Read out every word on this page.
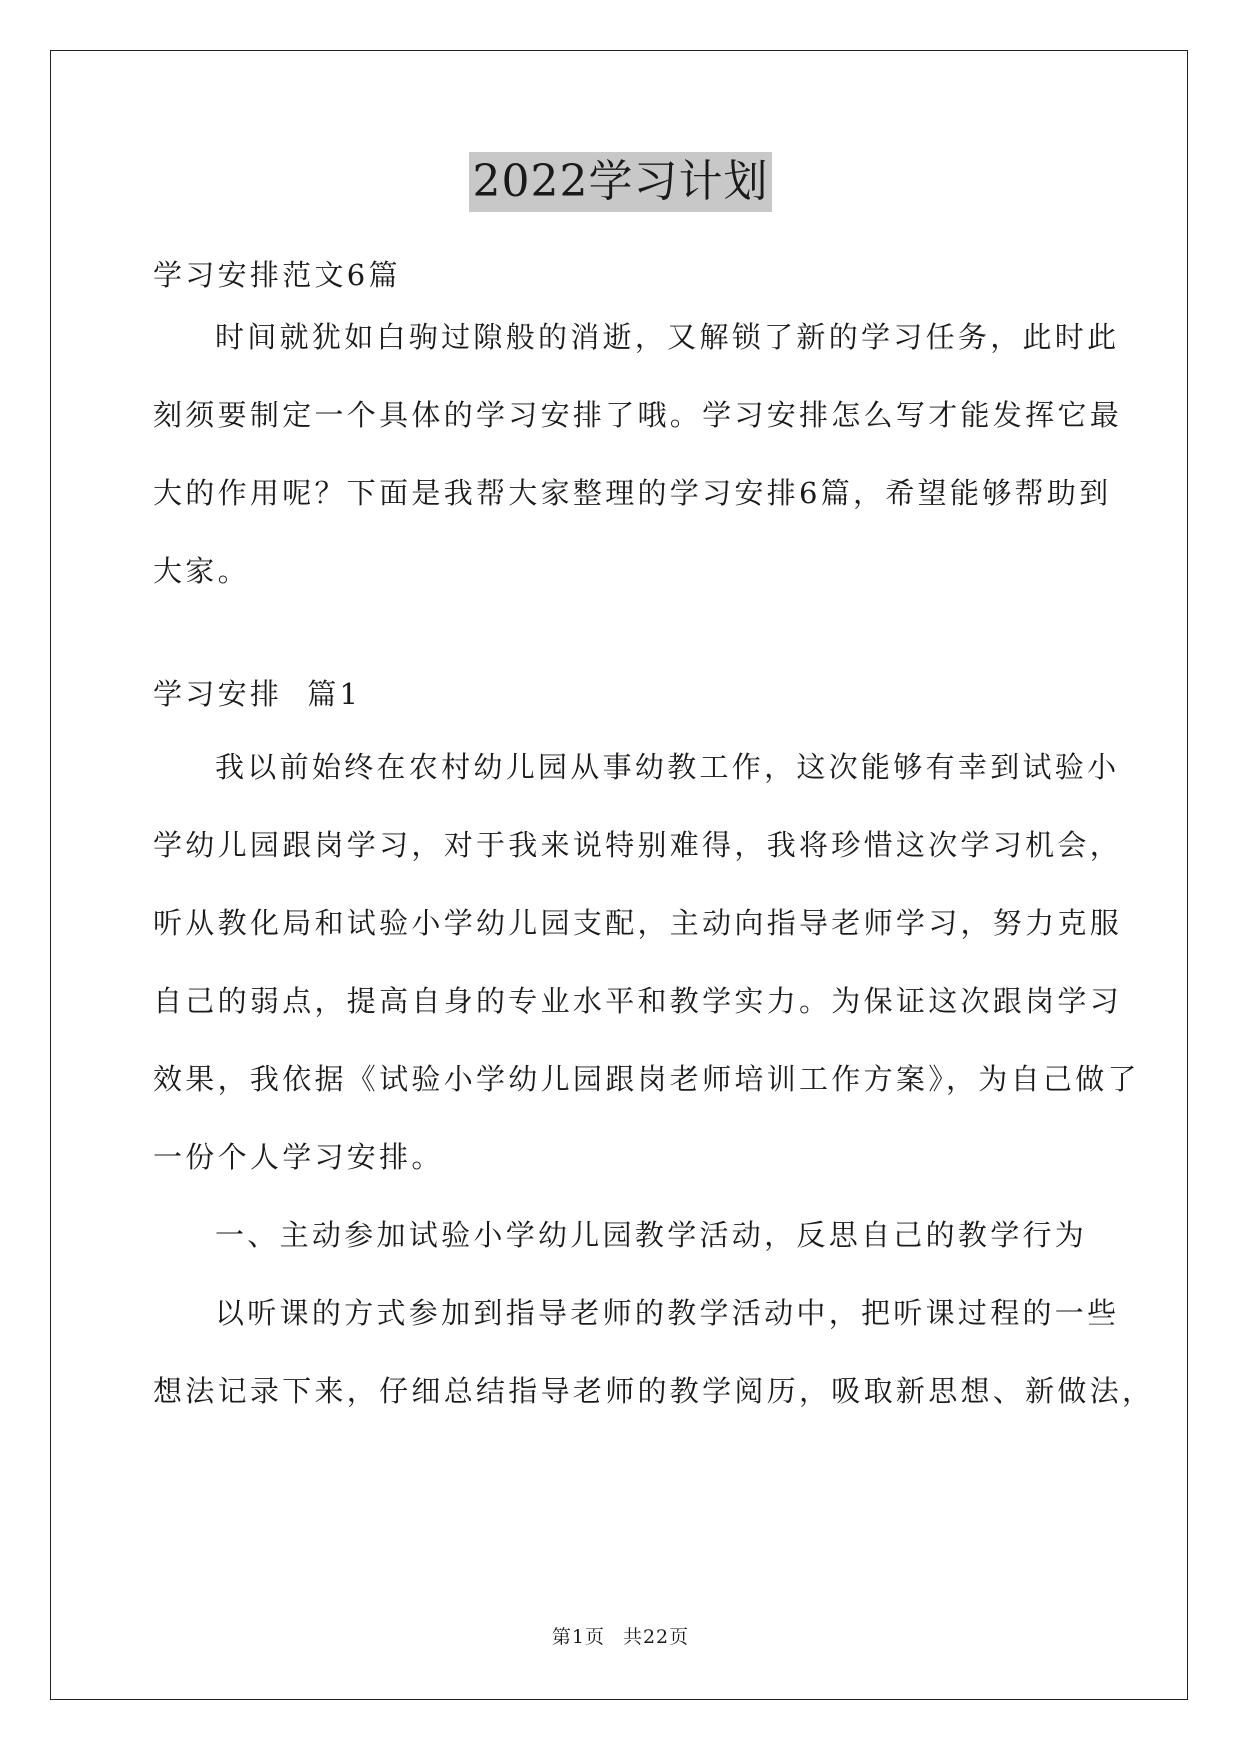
2022学习计划
学习安排范文6篇
时间就犹如白驹过隙般的消逝，又解锁了新的学习任务，此时此
刻须要制定一个具体的学习安排了哦。学习安排怎么写才能发挥它最
大的作用呢？下面是我帮大家整理的学习安排6篇，希望能够帮助到
大家。
学习安排  篇1
我以前始终在农村幼儿园从事幼教工作，这次能够有幸到试验小
学幼儿园跟岗学习，对于我来说特别难得，我将珍惜这次学习机会，
听从教化局和试验小学幼儿园支配，主动向指导老师学习，努力克服
自己的弱点，提高自身的专业水平和教学实力。为保证这次跟岗学习
效果，我依据《试验小学幼儿园跟岗老师培训工作方案》，为自己做了
一份个人学习安排。
一、主动参加试验小学幼儿园教学活动，反思自己的教学行为
以听课的方式参加到指导老师的教学活动中，把听课过程的一些
想法记录下来，仔细总结指导老师的教学阅历，吸取新思想、新做法，
第1页 共22页
